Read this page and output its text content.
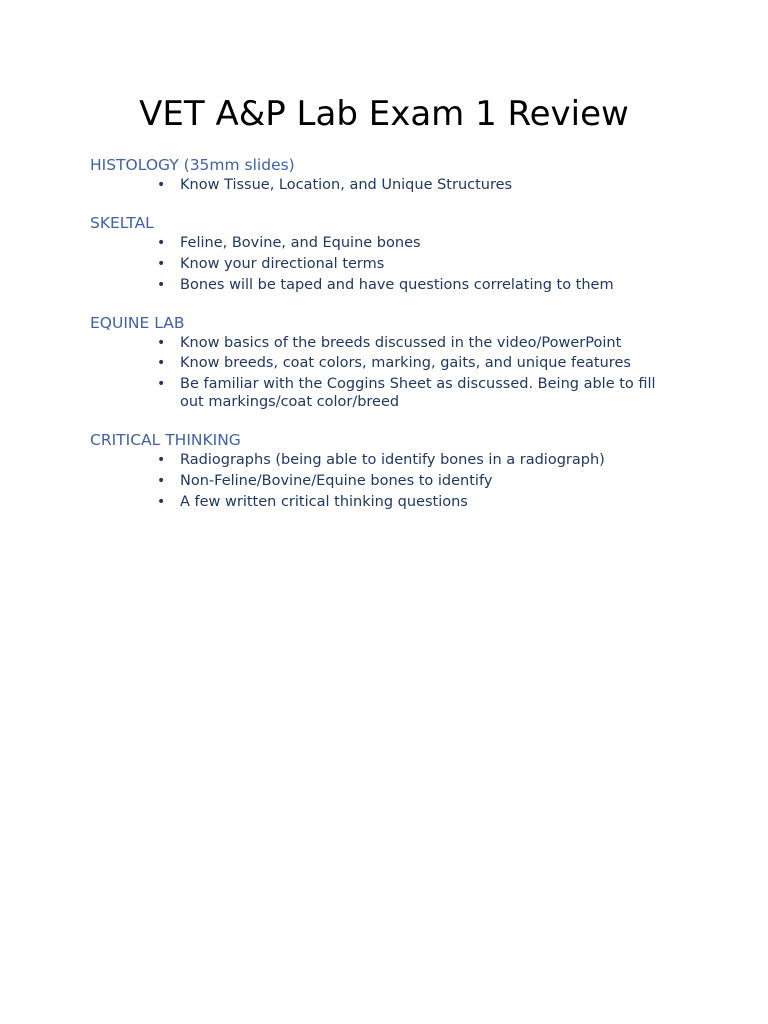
VET A&P Lab Exam 1 Review
HISTOLOGY (35mm slides)
• Know Tissue, Location, and Unique Structures
SKELTAL
• Feline, Bovine, and Equine bones
• Know your directional terms
• Bones will be taped and have questions correlating to them
EQUINE LAB
• Know basics of the breeds discussed in the video/PowerPoint
• Know breeds, coat colors, marking, gaits, and unique features
• Be familiar with the Coggins Sheet as discussed. Being able to fill out markings/coat color/breed
CRITICAL THINKING
• Radiographs (being able to identify bones in a radiograph)
• Non-Feline/Bovine/Equine bones to identify
• A few written critical thinking questions
